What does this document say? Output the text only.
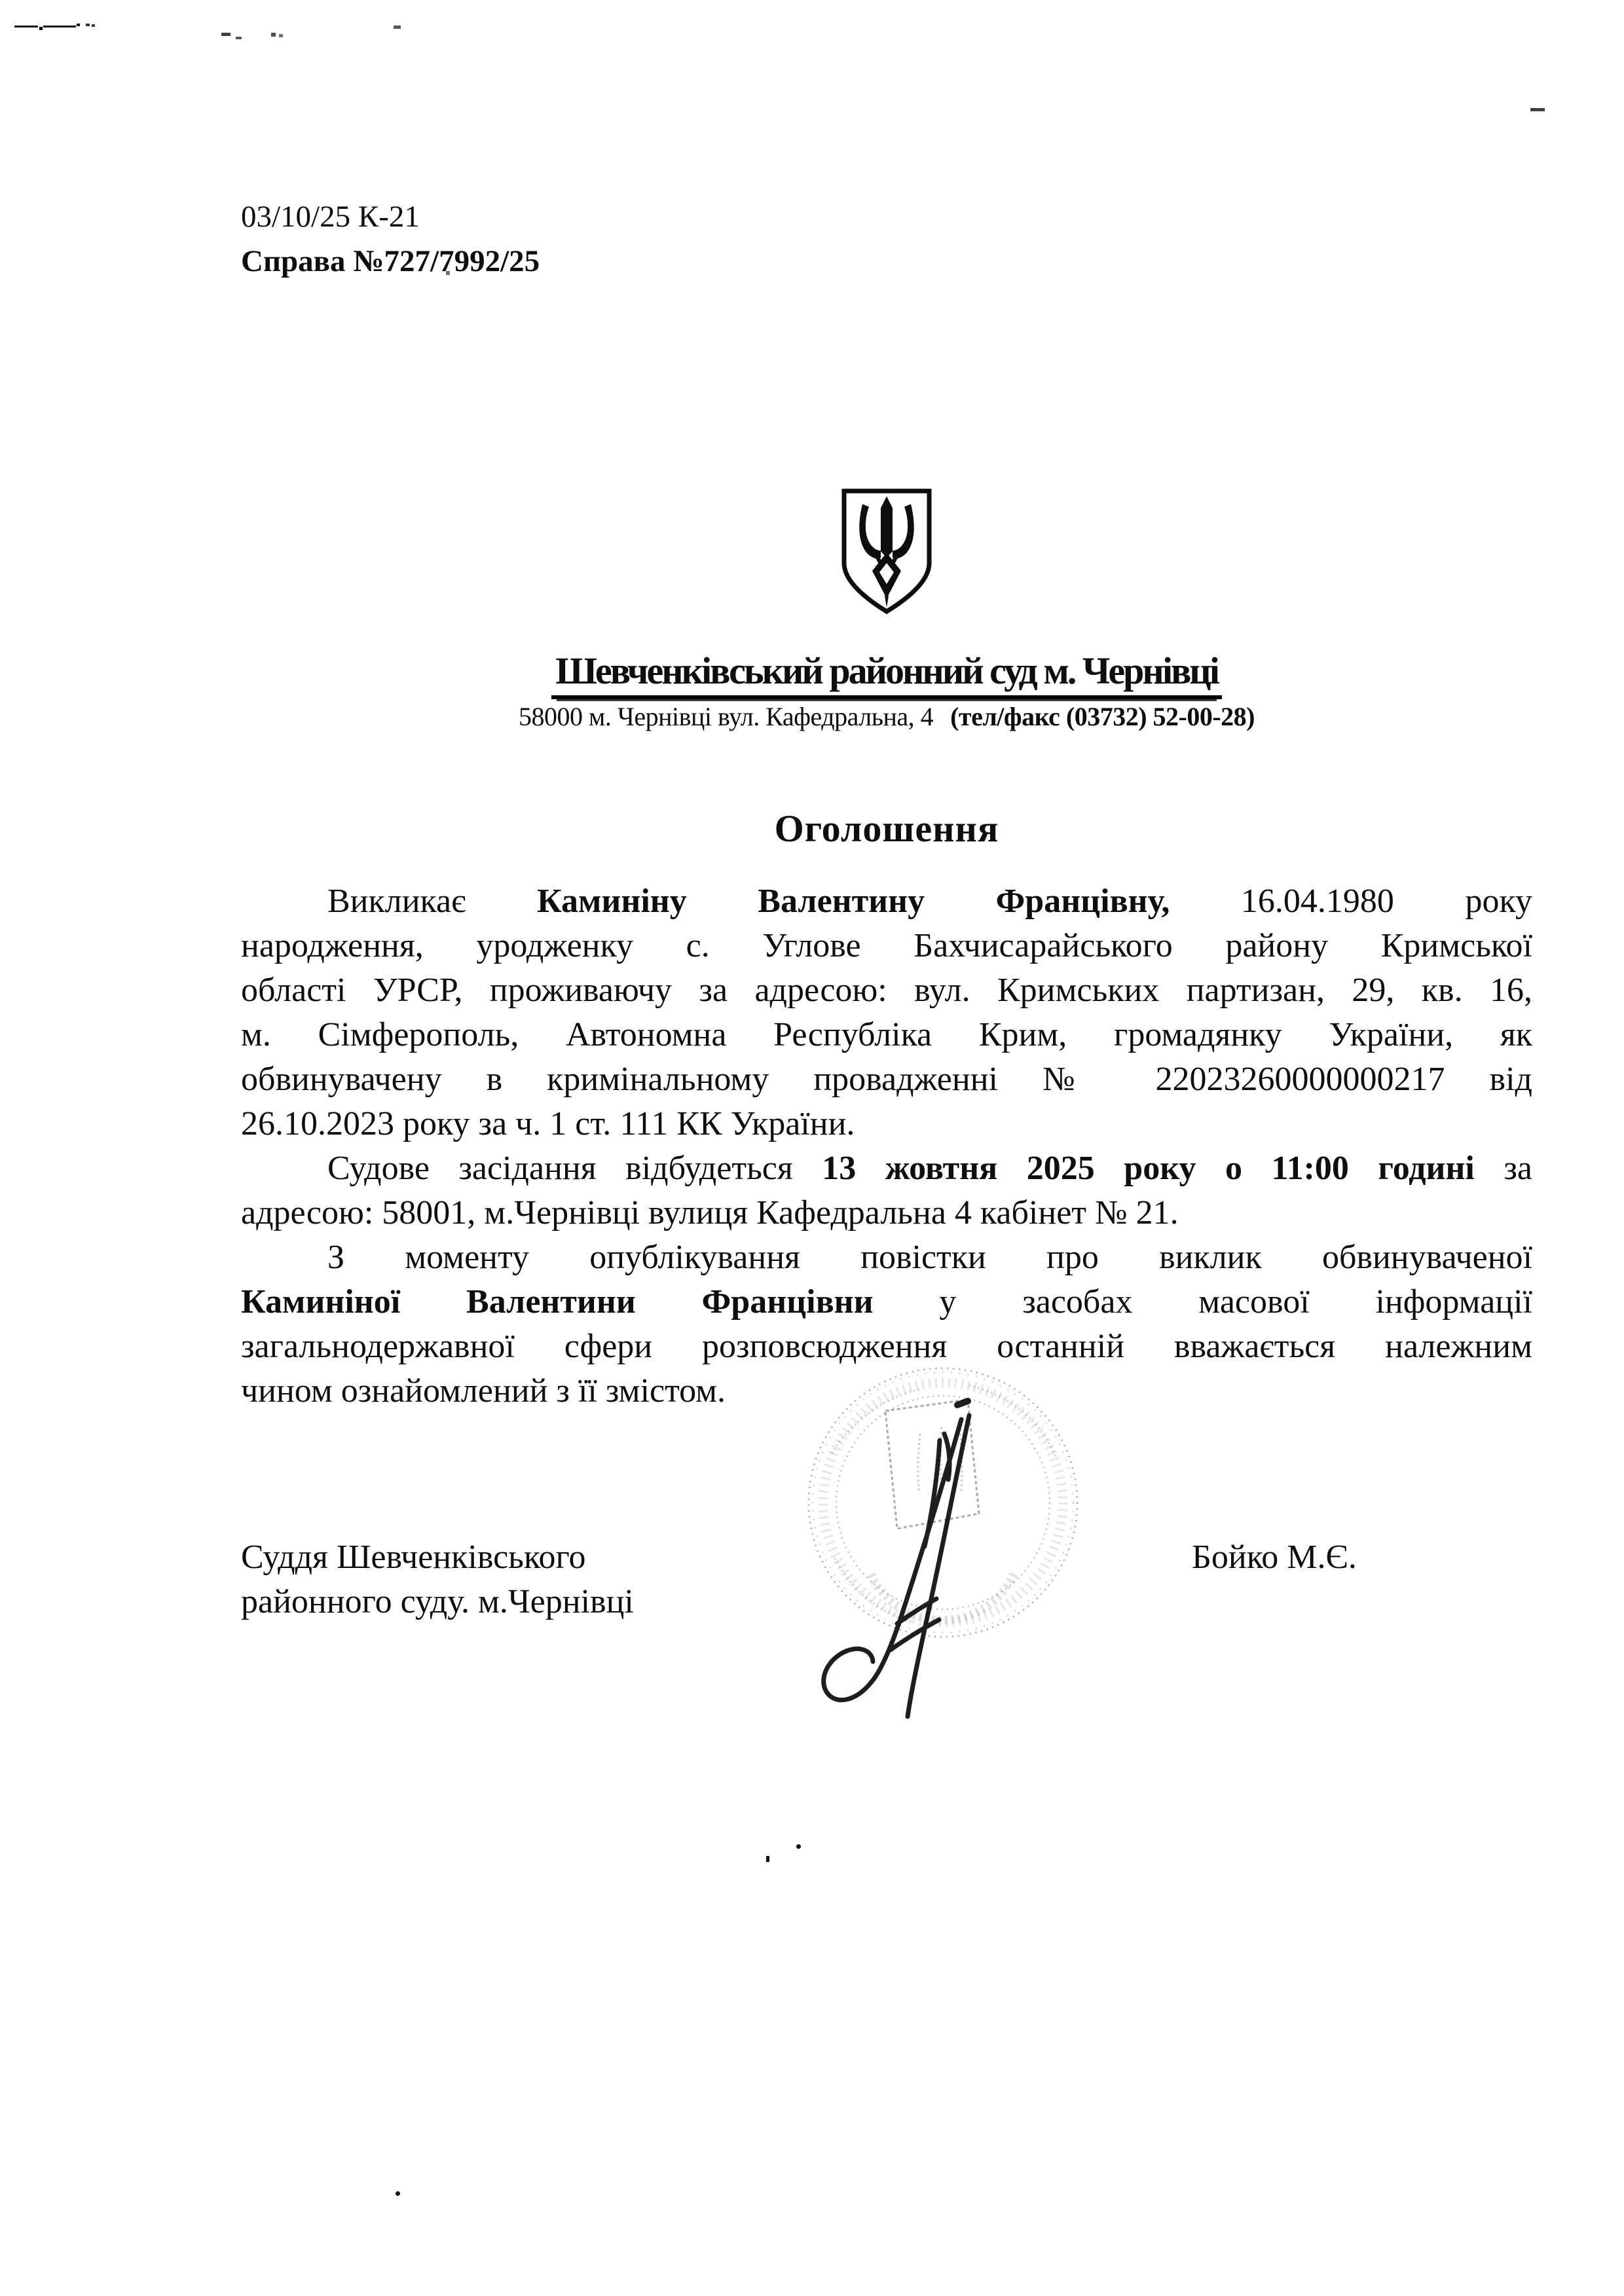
03/10/25 К-21
Справа №727/7992/25
Шевченківський районний суд м. Чернівці
58000 м. Чернівці вул. Кафедральна, 4 (тел/факс (03732) 52-00-28)
Оголошення
Викликає Каминіну Валентину Францівну, 16.04.1980 року
народження, уродженку с. Углове Бахчисарайського району Кримської
області УРСР, проживаючу за адресою: вул. Кримських партизан, 29, кв. 16,
м. Сімферополь, Автономна Республіка Крим, громадянку України, як
обвинувачену в кримінальному провадженні № 22023260000000217 від
26.10.2023 року за ч. 1 ст. 111 КК України.
Судове засідання відбудеться 13 жовтня 2025 року о 11:00 годині за
адресою: 58001, м.Чернівці вулиця Кафедральна 4 кабінет № 21.
З моменту опублікування повістки про виклик обвинуваченої
Каминіної Валентини Францівни у засобах масової інформації
загальнодержавної сфери розповсюдження останній вважається належним
чином ознайомлений з її змістом.
Суддя Шевченківського
районного суду. м.Чернівці
Бойко М.Є.
